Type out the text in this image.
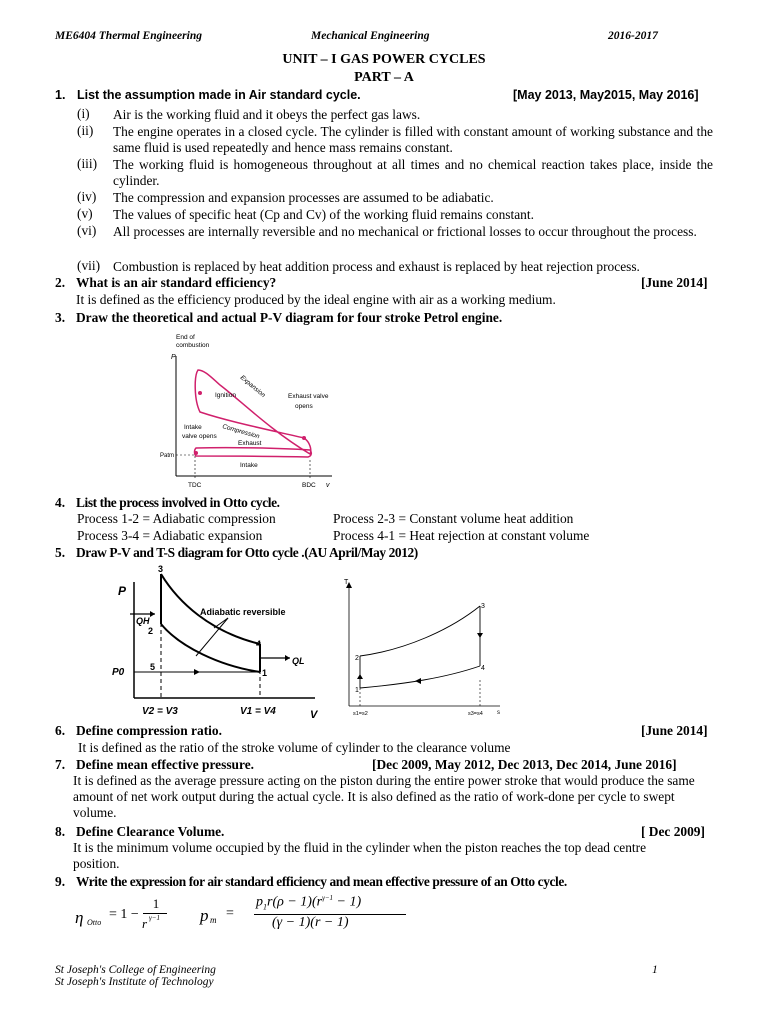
ME6404 Thermal Engineering	Mechanical Engineering	2016-2017
UNIT – I GAS POWER CYCLES
PART – A
1. List the assumption made in Air standard cycle.	[May 2013, May2015, May 2016]
(i) Air is the working fluid and it obeys the perfect gas laws.
(ii) The engine operates in a closed cycle. The cylinder is filled with constant amount of working substance and the same fluid is used repeatedly and hence mass remains constant.
(iii) The working fluid is homogeneous throughout at all times and no chemical reaction takes place, inside the cylinder.
(iv) The compression and expansion processes are assumed to be adiabatic.
(v) The values of specific heat (Cp and Cv) of the working fluid remains constant.
(vi) All processes are internally reversible and no mechanical or frictional losses to occur throughout the process.
(vii) Combustion is replaced by heat addition process and exhaust is replaced by heat rejection process.
2. What is an air standard efficiency?	[June 2014]
It is defined as the efficiency produced by the ideal engine with air as a working medium.
3. Draw the theoretical and actual P-V diagram for four stroke Petrol engine.
End of
combustion
P
Ignition Expansion	Exhaust valve
opens
Intake
valve opens Compression
Exhaust
Intake
Patm
TDC	BDC v
4. List the process involved in Otto cycle.
Process 1-2 = Adiabatic compression	Process 2-3 = Constant volume heat addition
Process 3-4 = Adiabatic expansion	Process 4-1 = Heat rejection at constant volume
5. Draw P-V and T-S diagram for Otto cycle .(AU April/May 2012)
P
QH
QL
P0
Adiabatic reversible
3
2
4
5
1
V2 = V3	V1 = V4	V
T
1
2
3
4
s1=s2	s3=s4 s
6. Define compression ratio.	[June 2014]
It is defined as the ratio of the stroke volume of cylinder to the clearance volume
7. Define mean effective pressure.	[Dec 2009, May 2012, Dec 2013, Dec 2014, June 2016]
It is defined as the average pressure acting on the piston during the entire power stroke that would produce the same amount of net work output during the actual cycle. It is also defined as the ratio of work-done per cycle to swept volume.
8. Define Clearance Volume.	[ Dec 2009]
It is the minimum volume occupied by the fluid in the cylinder when the piston reaches the top dead centre position.
9. Write the expression for air standard efficiency and mean effective pressure of an Otto cycle.
η Otto
= 1 −
1
r γ−1 p m =
$p_1r(\rho - 1)(r^{\gamma-1} - 1)$
(γ − 1)(r − 1)
St Joseph's College of Engineering
St Joseph's Institute of Technology
1
